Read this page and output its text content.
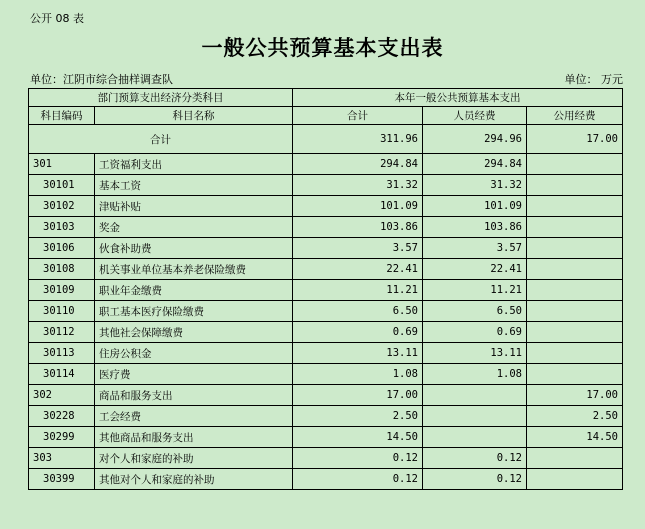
公开 08 表
一般公共预算基本支出表
单位：江阴市综合抽样调查队	单位： 万元
部门预算支出经济分类科目		本年一般公共预算基本支出		
科目编码	科目名称	合计	人员经费	公用经费
合计		311.96	294.96	17.00
301	工资福利支出	294.84	294.84	
30101	基本工资	31.32	31.32	
30102	津贴补贴	101.09	101.09	
30103	奖金	103.86	103.86	
30106	伙食补助费	3.57	3.57	
30108	机关事业单位基本养老保险缴费	22.41	22.41	
30109	职业年金缴费	11.21	11.21	
30110	职工基本医疗保险缴费	6.50	6.50	
30112	其他社会保障缴费	0.69	0.69	
30113	住房公积金	13.11	13.11	
30114	医疗费	1.08	1.08	
302	商品和服务支出	17.00		17.00
30228	工会经费	2.50		2.50
30299	其他商品和服务支出	14.50		14.50
303	对个人和家庭的补助	0.12	0.12	
30399	其他对个人和家庭的补助	0.12	0.12	
